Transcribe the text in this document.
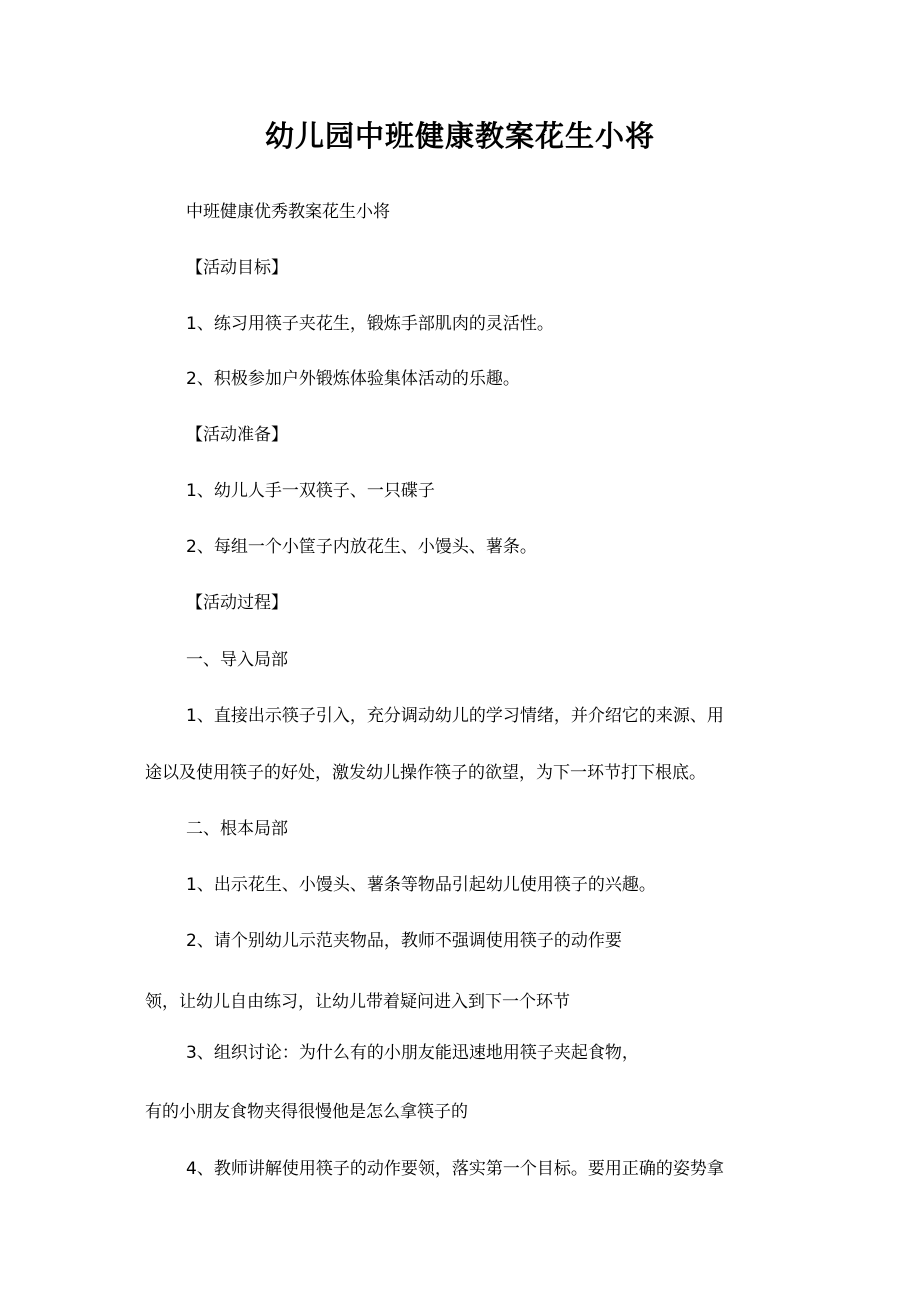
幼儿园中班健康教案花生小将

中班健康优秀教案花生小将

【活动目标】

1、练习用筷子夹花生，锻炼手部肌肉的灵活性。

2、积极参加户外锻炼体验集体活动的乐趣。

【活动准备】

1、幼儿人手一双筷子、一只碟子

2、每组一个小筐子内放花生、小馒头、薯条。

【活动过程】

一、导入局部

1、直接出示筷子引入，充分调动幼儿的学习情绪，并介绍它的来源、用

途以及使用筷子的好处，激发幼儿操作筷子的欲望，为下一环节打下根底。

二、根本局部

1、出示花生、小馒头、薯条等物品引起幼儿使用筷子的兴趣。

2、请个别幼儿示范夹物品，教师不强调使用筷子的动作要

领，让幼儿自由练习，让幼儿带着疑问进入到下一个环节

3、组织讨论：为什么有的小朋友能迅速地用筷子夹起食物，

有的小朋友食物夹得很慢他是怎么拿筷子的

4、教师讲解使用筷子的动作要领，落实第一个目标。要用正确的姿势拿
